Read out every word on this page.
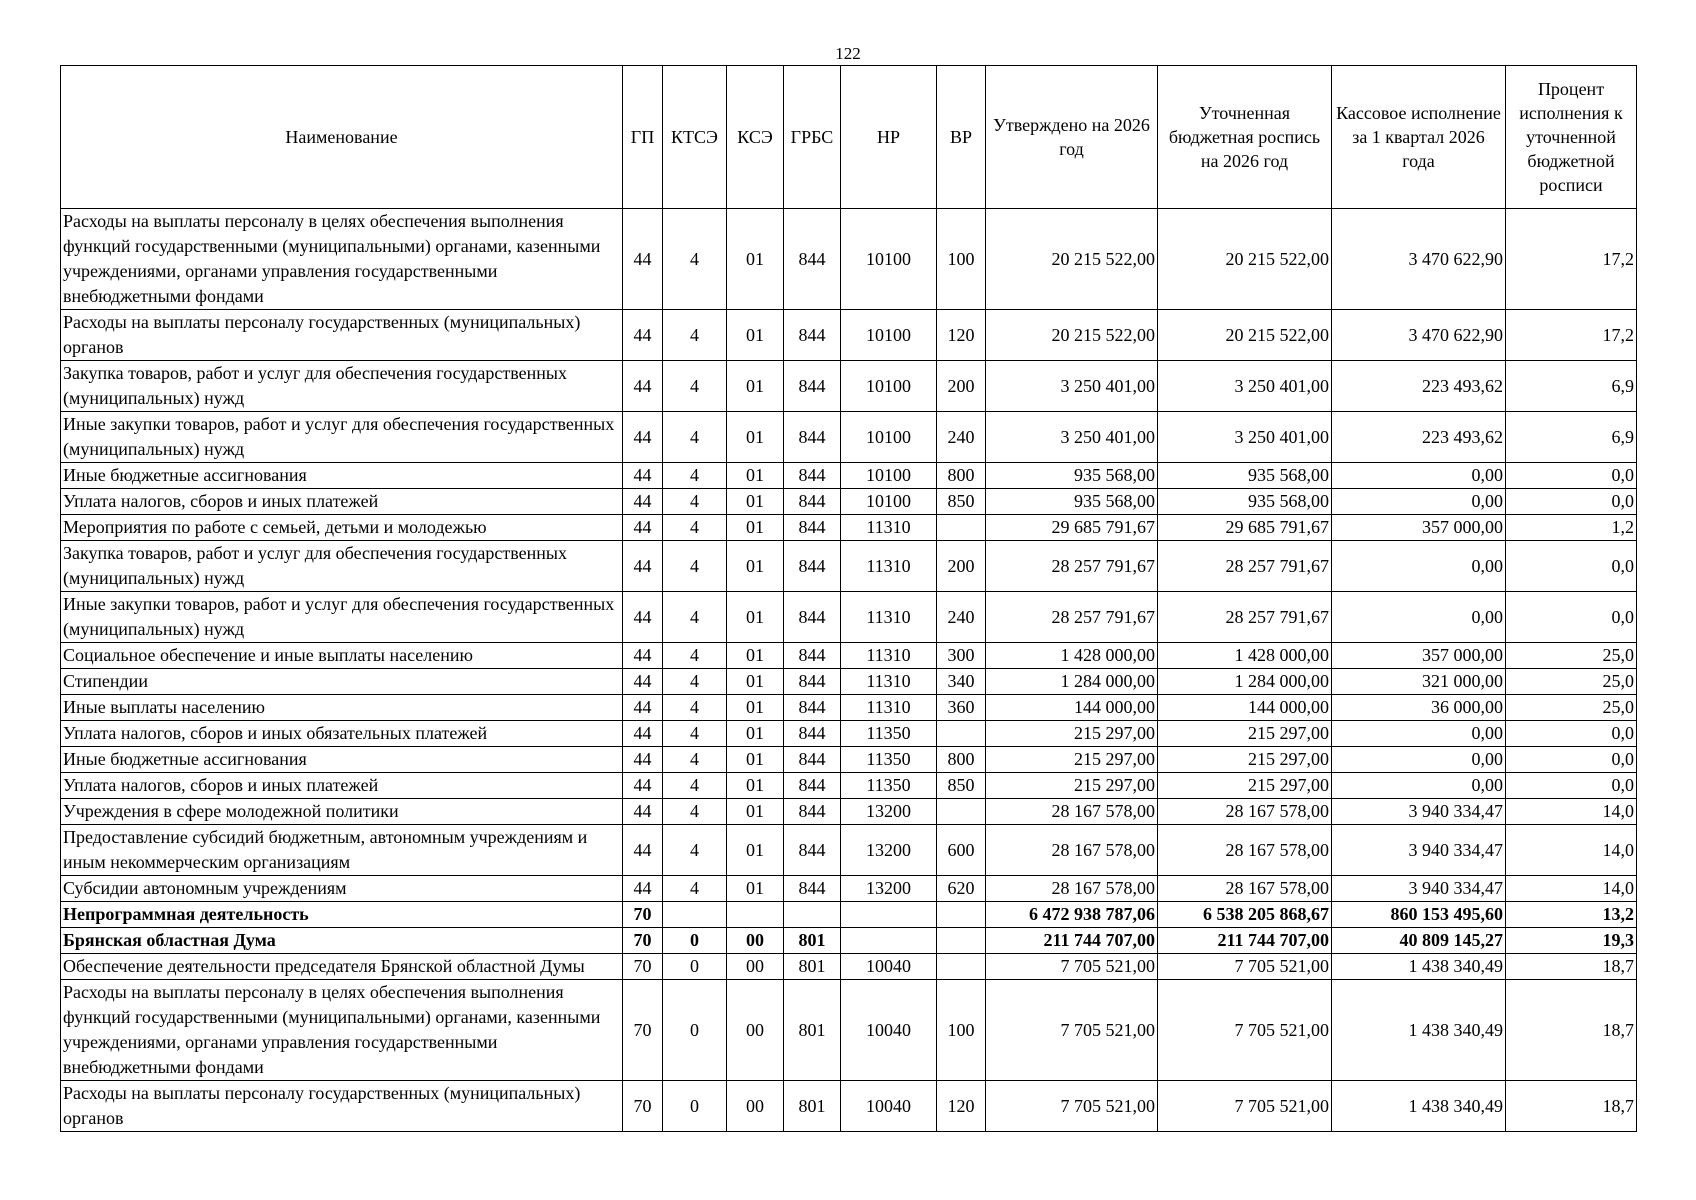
122
Наименование	ГП	КТСЭ	КСЭ	ГРБС	НР	ВР	Утверждено на 2026 год	Уточненная бюджетная роспись на 2026 год	Кассовое исполнение за 1 квартал 2026 года	Процент исполнения к уточненной бюджетной росписи
Расходы на выплаты персоналу в целях обеспечения выполнения функций государственными (муниципальными) органами, казенными учреждениями, органами управления государственными внебюджетными фондами	44	4	01	844	10100	100	20 215 522,00	20 215 522,00	3 470 622,90	17,2
Расходы на выплаты персоналу государственных (муниципальных) органов	44	4	01	844	10100	120	20 215 522,00	20 215 522,00	3 470 622,90	17,2
Закупка товаров, работ и услуг для обеспечения государственных (муниципальных) нужд	44	4	01	844	10100	200	3 250 401,00	3 250 401,00	223 493,62	6,9
Иные закупки товаров, работ и услуг для обеспечения государственных (муниципальных) нужд	44	4	01	844	10100	240	3 250 401,00	3 250 401,00	223 493,62	6,9
Иные бюджетные ассигнования	44	4	01	844	10100	800	935 568,00	935 568,00	0,00	0,0
Уплата налогов, сборов и иных платежей	44	4	01	844	10100	850	935 568,00	935 568,00	0,00	0,0
Мероприятия по работе с семьей, детьми и молодежью	44	4	01	844	11310		29 685 791,67	29 685 791,67	357 000,00	1,2
Закупка товаров, работ и услуг для обеспечения государственных (муниципальных) нужд	44	4	01	844	11310	200	28 257 791,67	28 257 791,67	0,00	0,0
Иные закупки товаров, работ и услуг для обеспечения государственных (муниципальных) нужд	44	4	01	844	11310	240	28 257 791,67	28 257 791,67	0,00	0,0
Социальное обеспечение и иные выплаты населению	44	4	01	844	11310	300	1 428 000,00	1 428 000,00	357 000,00	25,0
Стипендии	44	4	01	844	11310	340	1 284 000,00	1 284 000,00	321 000,00	25,0
Иные выплаты населению	44	4	01	844	11310	360	144 000,00	144 000,00	36 000,00	25,0
Уплата налогов, сборов и иных обязательных платежей	44	4	01	844	11350		215 297,00	215 297,00	0,00	0,0
Иные бюджетные ассигнования	44	4	01	844	11350	800	215 297,00	215 297,00	0,00	0,0
Уплата налогов, сборов и иных платежей	44	4	01	844	11350	850	215 297,00	215 297,00	0,00	0,0
Учреждения в сфере молодежной политики	44	4	01	844	13200		28 167 578,00	28 167 578,00	3 940 334,47	14,0
Предоставление субсидий бюджетным, автономным учреждениям и иным некоммерческим организациям	44	4	01	844	13200	600	28 167 578,00	28 167 578,00	3 940 334,47	14,0
Субсидии автономным учреждениям	44	4	01	844	13200	620	28 167 578,00	28 167 578,00	3 940 334,47	14,0
Непрограммная деятельность	70						6 472 938 787,06	6 538 205 868,67	860 153 495,60	13,2
Брянская областная Дума	70	0	00	801			211 744 707,00	211 744 707,00	40 809 145,27	19,3
Обеспечение деятельности председателя Брянской областной Думы	70	0	00	801	10040		7 705 521,00	7 705 521,00	1 438 340,49	18,7
Расходы на выплаты персоналу в целях обеспечения выполнения функций государственными (муниципальными) органами, казенными учреждениями, органами управления государственными внебюджетными фондами	70	0	00	801	10040	100	7 705 521,00	7 705 521,00	1 438 340,49	18,7
Расходы на выплаты персоналу государственных (муниципальных) органов	70	0	00	801	10040	120	7 705 521,00	7 705 521,00	1 438 340,49	18,7
